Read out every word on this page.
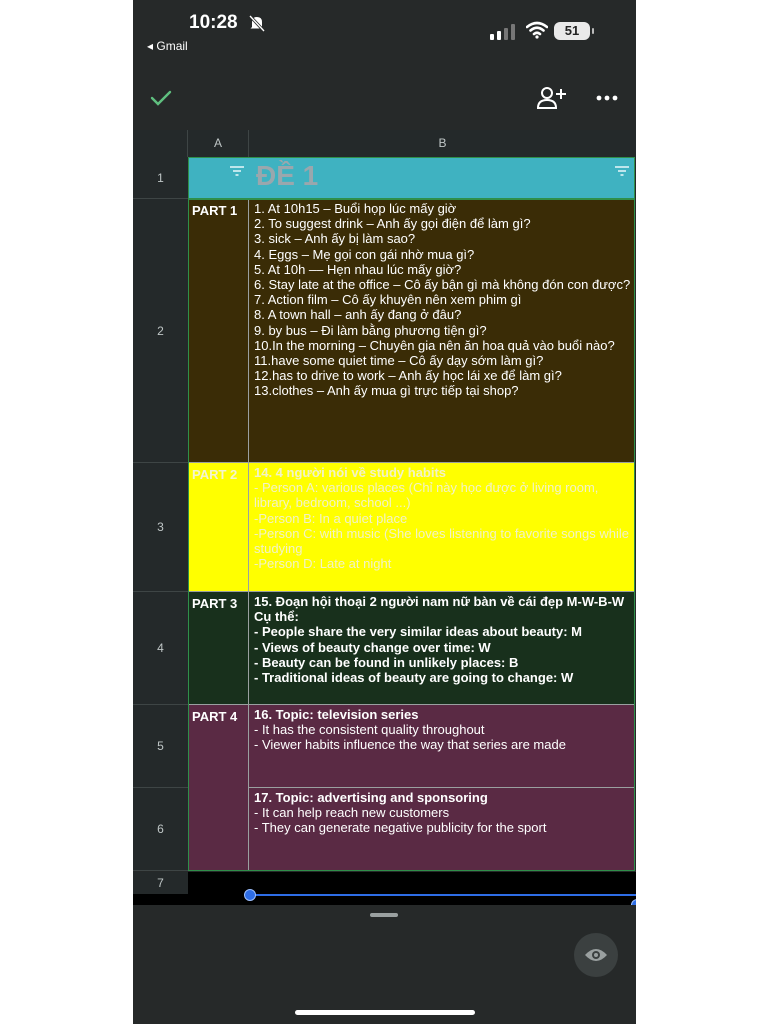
10:28
◂ Gmail
51
A	B
1	ĐỀ 1
2
PART 1	1. At 10h15 – Buổi họp lúc mấy giờ
2. To suggest drink – Anh ấy gọi điện để làm gì?
3. sick – Anh ấy bị làm sao?
4. Eggs – Mẹ gọi con gái nhờ mua gì?
5. At 10h –– Hẹn nhau lúc mấy giờ?
6. Stay late at the office – Cô ấy bận gì mà không đón con được?
7. Action film – Cô ấy khuyên nên xem phim gì
8. A town hall – anh ấy đang ở đâu?
9. by bus – Đi làm bằng phương tiện gì?
10.In the morning – Chuyên gia nên ăn hoa quả vào buổi nào?
11.have some quiet time – Cô ấy dạy sớm làm gì?
12.has to drive to work – Anh ấy học lái xe để làm gì?
13.clothes – Anh ấy mua gì trực tiếp tại shop?
3
PART 2	14. 4 người nói về study habits
- Person A: various places (Chỉ này học được ở living room, library, bedroom, school ...)
-Person B: In a quiet place
-Person C: with music (She loves listening to favorite songs while studying
-Person D: Late at night
4
PART 3	15. Đoạn hội thoại 2 người nam nữ bàn về cái đẹp M-W-B-W
Cụ thể:
- People share the very similar ideas about beauty: M
- Views of beauty change over time: W
- Beauty can be found in unlikely places: B
- Traditional ideas of beauty are going to change: W
5
6
PART 4	16. Topic: television series
- It has the consistent quality throughout
- Viewer habits influence the way that series are made
17. Topic: advertising and sponsoring
- It can help reach new customers
- They can generate negative publicity for the sport
7
